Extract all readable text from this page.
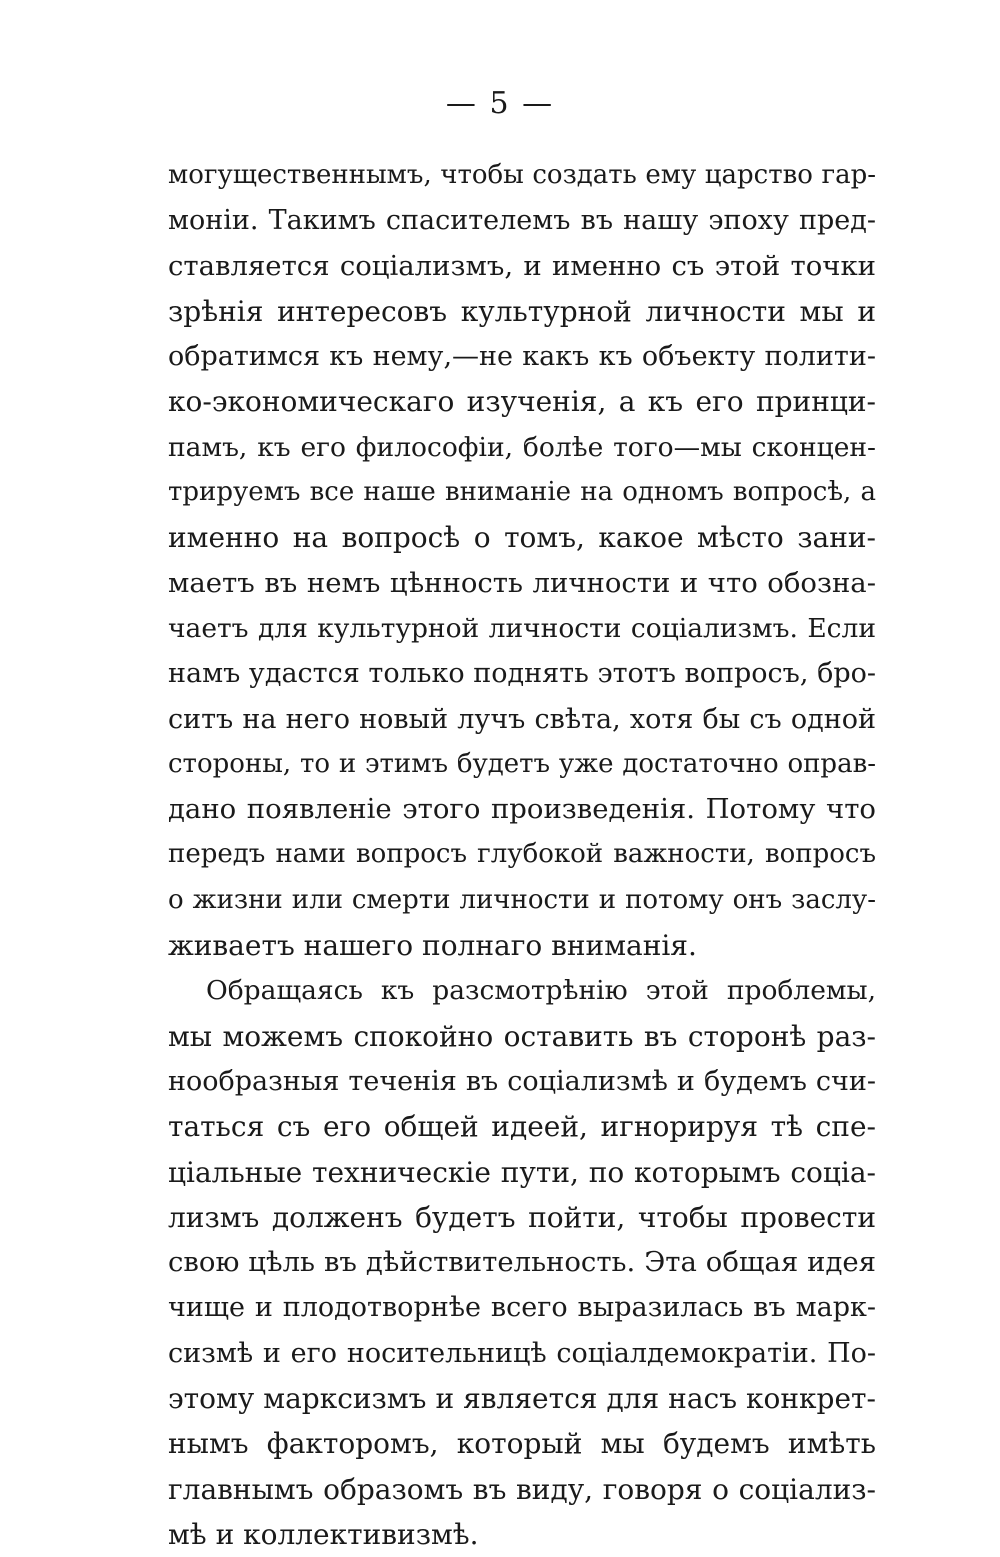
— 5 —
могущественнымъ, чтобы создать ему царство гар-
моніи. Такимъ спасителемъ въ нашу эпоху пред-
ставляется соціализмъ, и именно съ этой точки
зрѣнія интересовъ культурной личности мы и
обратимся къ нему,—не какъ къ объекту полити-
ко-экономическаго изученія, а къ его принци-
памъ, къ его философіи, болѣе того—мы сконцен-
трируемъ все наше вниманіе на одномъ вопросѣ, а
именно на вопросѣ о томъ, какое мѣсто зани-
маетъ въ немъ цѣнность личности и что обозна-
чаетъ для культурной личности соціализмъ. Если
намъ удастся только поднять этотъ вопросъ, бро-
ситъ на него новый лучъ свѣта, хотя бы съ одной
стороны, то и этимъ будетъ уже достаточно оправ-
дано появленіе этого произведенія. Потому что
передъ нами вопросъ глубокой важности, вопросъ
о жизни или смерти личности и потому онъ заслу-
живаетъ нашего полнаго вниманія.
Обращаясь къ разсмотрѣнію этой проблемы,
мы можемъ спокойно оставить въ сторонѣ раз-
нообразныя теченія въ соціализмѣ и будемъ счи-
таться съ его общей идеей, игнорируя тѣ спе-
ціальные техническіе пути, по которымъ соціа-
лизмъ долженъ будетъ пойти, чтобы провести
свою цѣль въ дѣйствительность. Эта общая идея
чище и плодотворнѣе всего выразилась въ марк-
сизмѣ и его носительницѣ соціалдемократіи. По-
этому марксизмъ и является для насъ конкрет-
нымъ факторомъ, который мы будемъ имѣть
главнымъ образомъ въ виду, говоря о соціализ-
мѣ и коллективизмѣ.
